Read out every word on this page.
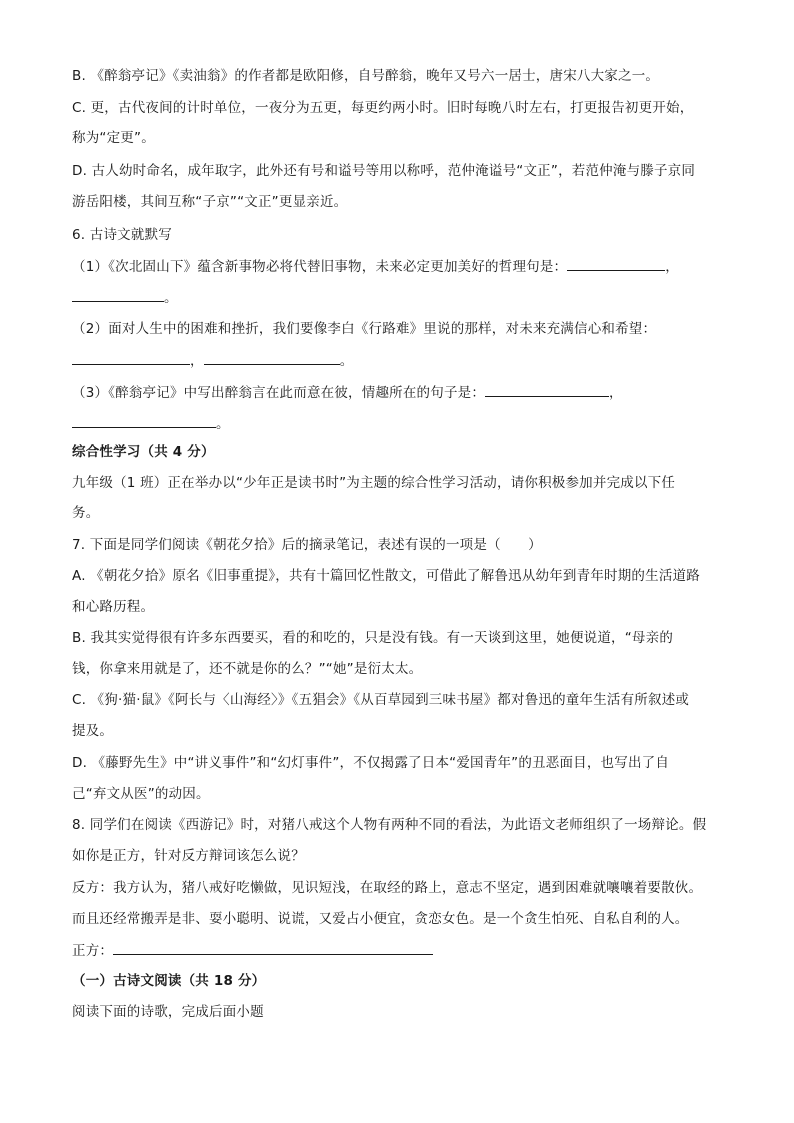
B. 《醉翁亭记》《卖油翁》的作者都是欧阳修，自号醉翁，晚年又号六一居士，唐宋八大家之一。
C. 更，古代夜间的计时单位，一夜分为五更，每更约两小时。旧时每晚八时左右，打更报告初更开始，
称为“定更”。
D. 古人幼时命名，成年取字，此外还有号和谥号等用以称呼，范仲淹谥号“文正”，若范仲淹与滕子京同
游岳阳楼，其间互称“子京”“文正”更显亲近。
6. 古诗文就默写
（1）《次北固山下》蕴含新事物必将代替旧事物，未来必定更加美好的哲理句是：	，
。
（2）面对人生中的困难和挫折，我们要像李白《行路难》里说的那样，对未来充满信心和希望：
，	。
（3）《醉翁亭记》中写出醉翁言在此而意在彼，情趣所在的句子是：	，
。
综合性学习（共 4 分）
九年级（1 班）正在举办以“少年正是读书时”为主题的综合性学习活动，请你积极参加并完成以下任
务。
7. 下面是同学们阅读《朝花夕拾》后的摘录笔记，表述有误的一项是（　　）
A. 《朝花夕拾》原名《旧事重提》，共有十篇回忆性散文，可借此了解鲁迅从幼年到青年时期的生活道路
和心路历程。
B. 我其实觉得很有许多东西要买，看的和吃的，只是没有钱。有一天谈到这里，她便说道，“母亲的
钱，你拿来用就是了，还不就是你的么？”“她”是衍太太。
C. 《狗·猫·鼠》《阿长与〈山海经〉》《五猖会》《从百草园到三味书屋》都对鲁迅的童年生活有所叙述或
提及。
D. 《藤野先生》中“讲义事件”和“幻灯事件”，不仅揭露了日本“爱国青年”的丑恶面目，也写出了自
己“弃文从医”的动因。
8. 同学们在阅读《西游记》时，对猪八戒这个人物有两种不同的看法，为此语文老师组织了一场辩论。假
如你是正方，针对反方辩词该怎么说？
反方：我方认为，猪八戒好吃懒做，见识短浅，在取经的路上，意志不坚定，遇到困难就嚷嚷着要散伙。
而且还经常搬弄是非、耍小聪明、说谎，又爱占小便宜，贪恋女色。是一个贪生怕死、自私自利的人。
正方：
（一）古诗文阅读（共 18 分）
阅读下面的诗歌，完成后面小题
